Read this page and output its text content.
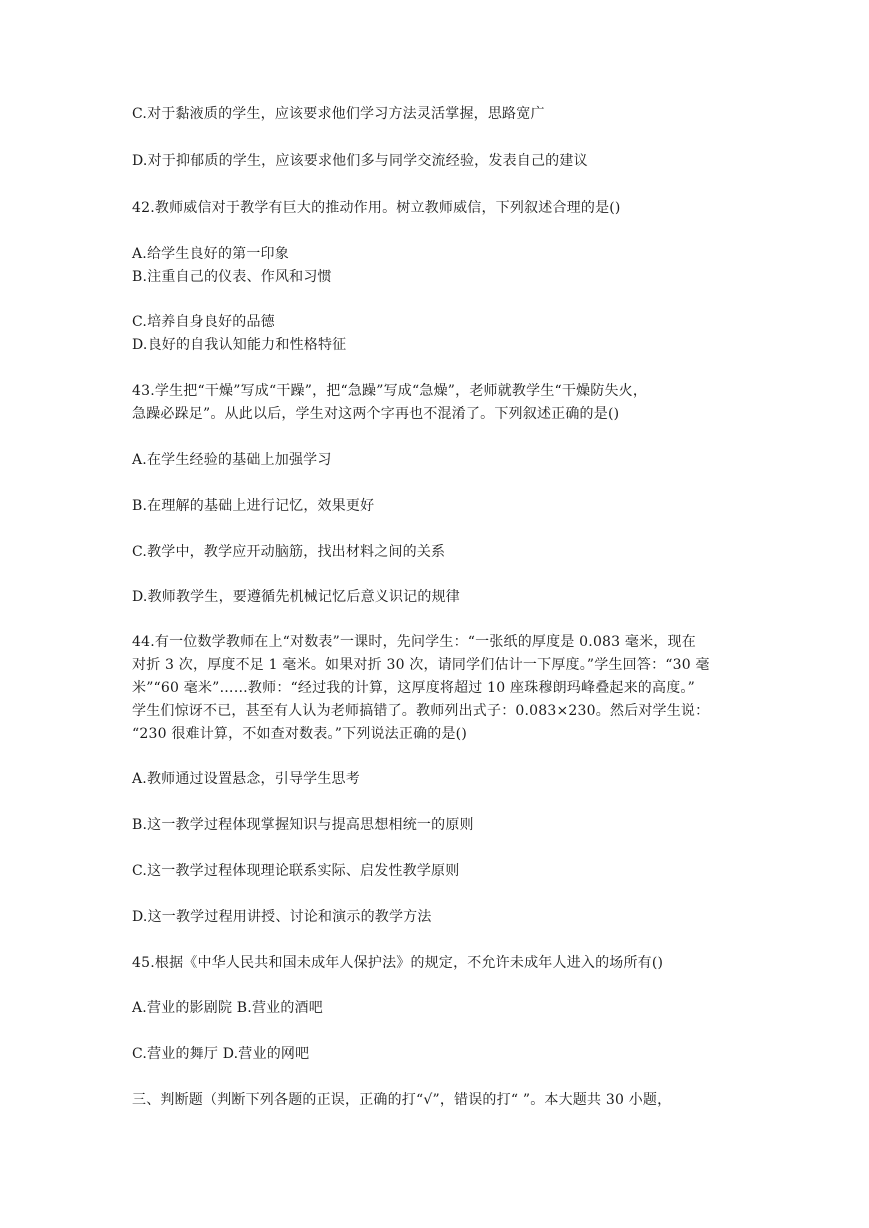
C.对于黏液质的学生，应该要求他们学习方法灵活掌握，思路宽广
D.对于抑郁质的学生，应该要求他们多与同学交流经验，发表自己的建议
42.教师威信对于教学有巨大的推动作用。树立教师威信，下列叙述合理的是()
A.给学生良好的第一印象
B.注重自己的仪表、作风和习惯
C.培养自身良好的品德
D.良好的自我认知能力和性格特征
43.学生把“干燥”写成“干躁”，把“急躁”写成“急燥”，老师就教学生“干燥防失火，
急躁必跺足”。从此以后，学生对这两个字再也不混淆了。下列叙述正确的是()
A.在学生经验的基础上加强学习
B.在理解的基础上进行记忆，效果更好
C.教学中，教学应开动脑筋，找出材料之间的关系
D.教师教学生，要遵循先机械记忆后意义识记的规律
44.有一位数学教师在上“对数表”一课时，先问学生：“一张纸的厚度是 0.083 毫米，现在
对折 3 次，厚度不足 1 毫米。如果对折 30 次，请同学们估计一下厚度。”学生回答：“30 毫
米”“60 毫米”……教师：“经过我的计算，这厚度将超过 10 座珠穆朗玛峰叠起来的高度。”
学生们惊讶不已，甚至有人认为老师搞错了。教师列出式子：0.083×230。然后对学生说：
“230 很难计算，不如查对数表。”下列说法正确的是()
A.教师通过设置悬念，引导学生思考
B.这一教学过程体现掌握知识与提高思想相统一的原则
C.这一教学过程体现理论联系实际、启发性教学原则
D.这一教学过程用讲授、讨论和演示的教学方法
45.根据《中华人民共和国未成年人保护法》的规定，不允许未成年人进入的场所有()
A.营业的影剧院 B.营业的酒吧
C.营业的舞厅 D.营业的网吧
三、判断题（判断下列各题的正误，正确的打“√”，错误的打“ ”。本大题共 30 小题，
